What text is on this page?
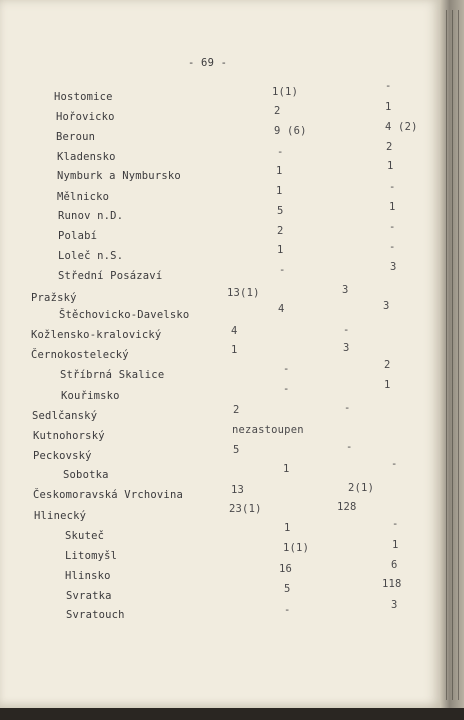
- 69 -
Hostomice
Hořovicko
Beroun
Kladensko
Nymburk a Nymbursko
Mělnicko
Runov n.D.
Polabí
Loleč n.S.
Střední Posázaví
Pražský
Štěchovicko-Davelsko
Kožlensko-kralovický
Černokostelecký
Stříbrná Skalice
Kouřimsko
Sedlčanský
Kutnohorský
Peckovský
Sobotka
Českomoravská Vrchovina
Hlinecký
Skuteč
Litomyšl
Hlinsko
Svratka
Svratouch
1(1)
2
9 (6)
-
1
1
5
2
1
-
13(1)
4
4
1
-
-
2
nezastoupen
5
1
13
23(1)
1
1(1)
16
5
-
3
-
3
-
-
2(1)
128
-
1
4 (2)
2
1
-
1
-
-
3
3
2
1
-
-
1
6
118
3
